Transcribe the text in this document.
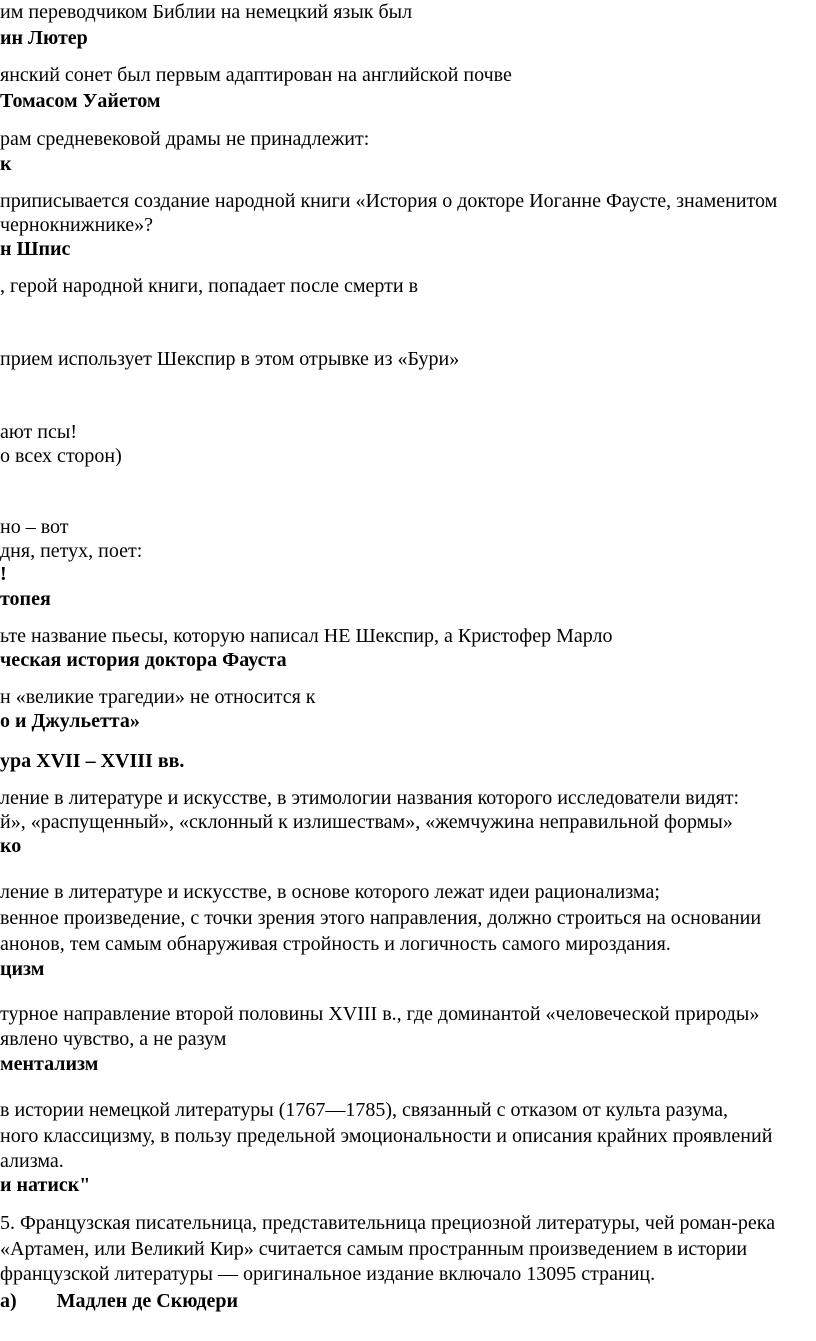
им переводчиком Библии на немецкий язык был
ин Лютер
янский сонет был первым адаптирован на английской почве
Томасом Уайетом
рам средневековой драмы не принадлежит:
к
приписывается создание народной книги «История о докторе Иоганне Фаусте, знаменитом
чернокнижнике»?
н Шпис
, герой народной книги, попадает после смерти в
прием использует Шекспир в этом отрывке из «Бури»
ают псы!
о всех сторон)
но – вот
дня, петух, поет:
!
топея
ьте название пьесы, которую написал НЕ Шекспир, а Кристофер Марло
ческая история доктора Фауста
н «великие трагедии» не относится к
о и Джульетта»
ура XVII – XVIII вв.
ление в литературе и искусстве, в этимологии названия которого исследователи видят:
й», «распущенный», «склонный к излишествам», «жемчужина неправильной формы»
ко
ление в литературе и искусстве, в основе которого лежат идеи рационализма;
венное произведение, с точки зрения этого направления, должно строиться на основании
анонов, тем самым обнаруживая стройность и логичность самого мироздания.
цизм
турное направление второй половины XVIII в., где доминантой «человеческой природы»
явлено чувство, а не разум
ментализм
в истории немецкой литературы (1767—1785), связанный с отказом от культа разума,
ного классицизму, в пользу предельной эмоциональности и описания крайних проявлений
ализма.
и натиск"
5. Французская писательница, представительница прециозной литературы, чей роман-река
«Артамен, или Великий Кир» считается самым пространным произведением в истории
французской литературы — оригинальное издание включало 13095 страниц.
а)        Мадлен де Скюдери
